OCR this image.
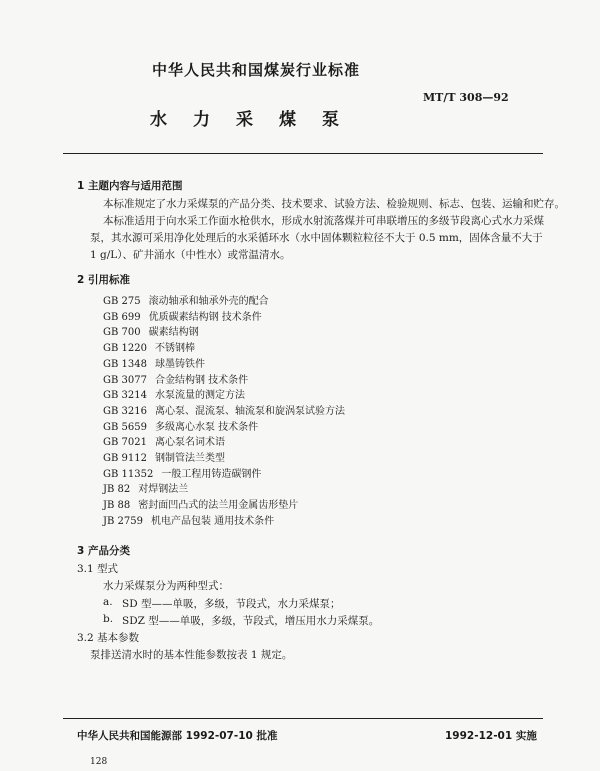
中华人民共和国煤炭行业标准
MT/T 308—92
水 力 采 煤 泵
1 主题内容与适用范围
本标准规定了水力采煤泵的产品分类、技术要求、试验方法、检验规则、标志、包装、运输和贮存。
本标准适用于向水采工作面水枪供水，形成水射流落煤并可串联增压的多级节段离心式水力采煤
泵，其水源可采用净化处理后的水采循环水（水中固体颗粒粒径不大于 0.5 mm，固体含量不大于
1 g/L）、矿井涌水（中性水）或常温清水。
2 引用标准
GB 275 滚动轴承和轴承外壳的配合
GB 699 优质碳素结构钢 技术条件
GB 700 碳素结构钢
GB 1220 不锈钢棒
GB 1348 球墨铸铁件
GB 3077 合金结构钢 技术条件
GB 3214 水泵流量的测定方法
GB 3216 离心泵、混流泵、轴流泵和旋涡泵试验方法
GB 5659 多级离心水泵 技术条件
GB 7021 离心泵名词术语
GB 9112 钢制管法兰类型
GB 11352 一般工程用铸造碳钢件
JB 82 对焊钢法兰
JB 88 密封面凹凸式的法兰用金属齿形垫片
JB 2759 机电产品包装 通用技术条件
3 产品分类
3.1 型式
水力采煤泵分为两种型式：
a. SD 型——单吸，多级，节段式，水力采煤泵；
b. SDZ 型——单吸，多级，节段式，增压用水力采煤泵。
3.2 基本参数
泵排送清水时的基本性能参数按表 1 规定。
中华人民共和国能源部 1992-07-10 批准	1992-12-01 实施
128
